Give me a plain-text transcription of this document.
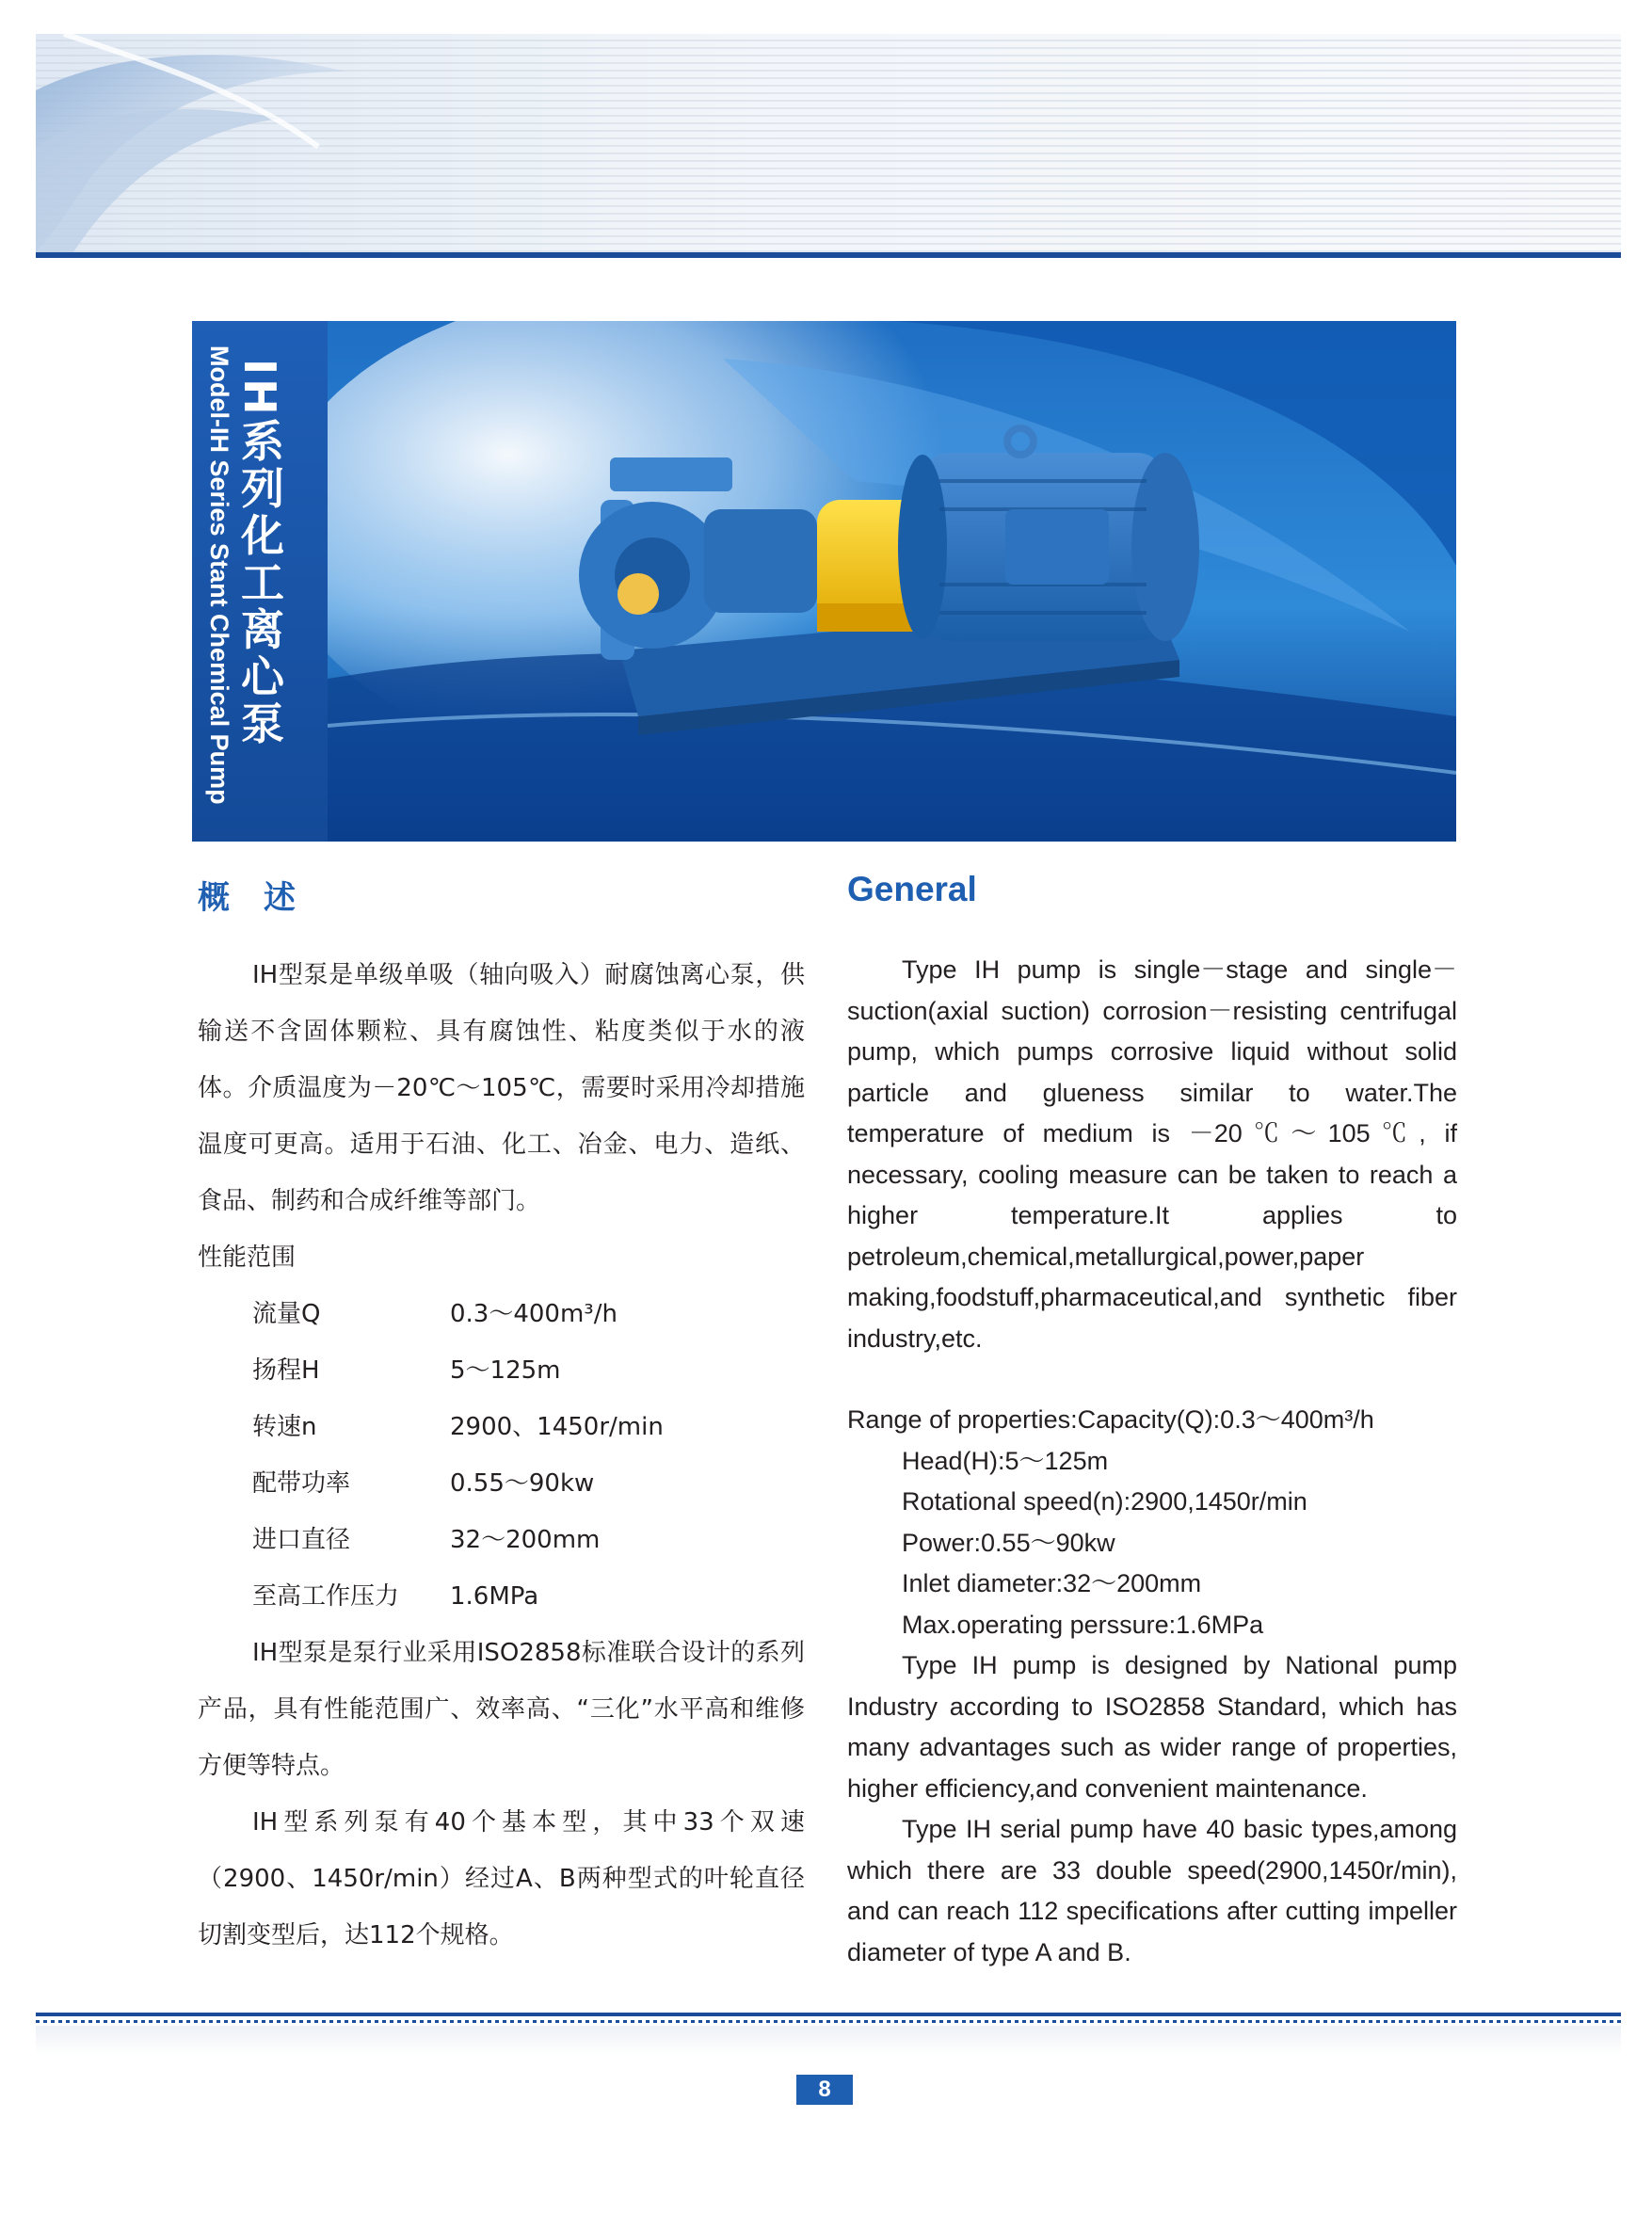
Model-IH Series Stant Chemical Pump IH系列化工离心泵
概述

IH型泵是单级单吸（轴向吸入）耐腐蚀离心泵，供输送不含固体颗粒、具有腐蚀性、粘度类似于水的液体。介质温度为－20℃～105℃，需要时采用冷却措施温度可更高。适用于石油、化工、冶金、电力、造纸、食品、制药和合成纤维等部门。

性能范围

流量Q	0.3～400m³/h
扬程H	5～125m
转速n	2900、1450r/min
配带功率	0.55～90kw
进口直径	32～200mm
至高工作压力	1.6MPa

IH型泵是泵行业采用ISO2858标准联合设计的系列产品，具有性能范围广、效率高、“三化”水平高和维修方便等特点。

IH型系列泵有40个基本型，其中33个双速（2900、1450r/min）经过A、B两种型式的叶轮直径切割变型后，达112个规格。

General

Type IH pump is single－stage and single－suction(axial suction) corrosion－resisting centrifugal pump, which pumps corrosive liquid without solid particle and glueness similar to water.The temperature of medium is －20℃～105℃, if necessary, cooling measure can be taken to reach a higher temperature.It applies to petroleum,chemical,metallurgical,power,paper making,foodstuff,pharmaceutical,and synthetic fiber industry,etc.

Range of properties:Capacity(Q):0.3～400m³/h

Head(H):5～125m

Rotational speed(n):2900,1450r/min

Power:0.55～90kw

Inlet diameter:32～200mm

Max.operating perssure:1.6MPa

Type IH pump is designed by National pump Industry according to ISO2858 Standard, which has many advantages such as wider range of properties, higher efficiency,and convenient maintenance.

Type IH serial pump have 40 basic types,among which there are 33 double speed(2900,1450r/min), and can reach 112 specifications after cutting impeller diameter of type A and B.

8
